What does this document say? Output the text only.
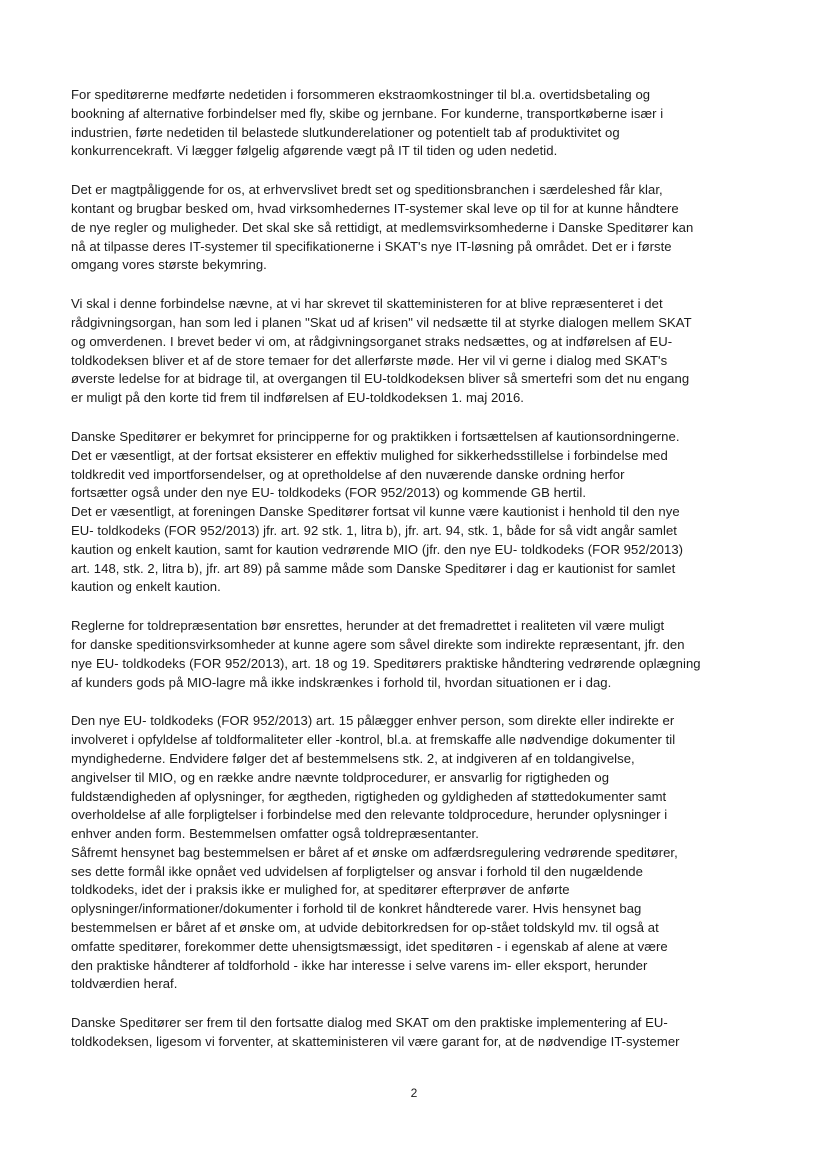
For speditørerne medførte nedetiden i forsommeren ekstraomkostninger til bl.a. overtidsbetaling og
bookning af alternative forbindelser med fly, skibe og jernbane. For kunderne, transportkøberne især i
industrien, førte nedetiden til belastede slutkunderelationer og potentielt tab af produktivitet og
konkurrencekraft. Vi lægger følgelig afgørende vægt på IT til tiden og uden nedetid.

Det er magtpåliggende for os, at erhvervslivet bredt set og speditionsbranchen i særdeleshed får klar,
kontant og brugbar besked om, hvad virksomhedernes IT-systemer skal leve op til for at kunne håndtere
de nye regler og muligheder. Det skal ske så rettidigt, at medlemsvirksomhederne i Danske Speditører kan
nå at tilpasse deres IT-systemer til specifikationerne i SKAT's nye IT-løsning på området. Det er i første
omgang vores største bekymring.

Vi skal i denne forbindelse nævne, at vi har skrevet til skatteministeren for at blive repræsenteret i det
rådgivningsorgan, han som led i planen "Skat ud af krisen" vil nedsætte til at styrke dialogen mellem SKAT
og omverdenen. I brevet beder vi om, at rådgivningsorganet straks nedsættes, og at indførelsen af EU-
toldkodeksen bliver et af de store temaer for det allerførste møde. Her vil vi gerne i dialog med SKAT's
øverste ledelse for at bidrage til, at overgangen til EU-toldkodeksen bliver så smertefri som det nu engang
er muligt på den korte tid frem til indførelsen af EU-toldkodeksen 1. maj 2016.

Danske Speditører er bekymret for principperne for og praktikken i fortsættelsen af kautionsordningerne.
Det er væsentligt, at der fortsat eksisterer en effektiv mulighed for sikkerhedsstillelse i forbindelse med
toldkredit ved importforsendelser, og at opretholdelse af den nuværende danske ordning herfor
fortsætter også under den nye EU- toldkodeks (FOR 952/2013) og kommende GB hertil.
Det er væsentligt, at foreningen Danske Speditører fortsat vil kunne være kautionist i henhold til den nye
EU- toldkodeks (FOR 952/2013) jfr. art. 92 stk. 1, litra b), jfr. art. 94, stk. 1, både for så vidt angår samlet
kaution og enkelt kaution, samt for kaution vedrørende MIO (jfr. den nye EU- toldkodeks (FOR 952/2013)
art. 148, stk. 2, litra b), jfr. art 89) på samme måde som Danske Speditører i dag er kautionist for samlet
kaution og enkelt kaution.

Reglerne for toldrepræsentation bør ensrettes, herunder at det fremadrettet i realiteten vil være muligt
for danske speditionsvirksomheder at kunne agere som såvel direkte som indirekte repræsentant, jfr. den
nye EU- toldkodeks (FOR 952/2013), art. 18 og 19. Speditørers praktiske håndtering vedrørende oplægning
af kunders gods på MIO-lagre må ikke indskrænkes i forhold til, hvordan situationen er i dag.

Den nye EU- toldkodeks (FOR 952/2013) art. 15 pålægger enhver person, som direkte eller indirekte er
involveret i opfyldelse af toldformaliteter eller -kontrol, bl.a. at fremskaffe alle nødvendige dokumenter til
myndighederne. Endvidere følger det af bestemmelsens stk. 2, at indgiveren af en toldangivelse,
angivelser til MIO, og en række andre nævnte toldprocedurer, er ansvarlig for rigtigheden og
fuldstændigheden af oplysninger, for ægtheden, rigtigheden og gyldigheden af støttedokumenter samt
overholdelse af alle forpligtelser i forbindelse med den relevante toldprocedure, herunder oplysninger i
enhver anden form. Bestemmelsen omfatter også toldrepræsentanter.
Såfremt hensynet bag bestemmelsen er båret af et ønske om adfærdsregulering vedrørende speditører,
ses dette formål ikke opnået ved udvidelsen af forpligtelser og ansvar i forhold til den nugældende
toldkodeks, idet der i praksis ikke er mulighed for, at speditører efterprøver de anførte
oplysninger/informationer/dokumenter i forhold til de konkret håndterede varer. Hvis hensynet bag
bestemmelsen er båret af et ønske om, at udvide debitorkredsen for op-stået toldskyld mv. til også at
omfatte speditører, forekommer dette uhensigtsmæssigt, idet speditøren - i egenskab af alene at være
den praktiske håndterer af toldforhold - ikke har interesse i selve varens im- eller eksport, herunder
toldværdien heraf.

Danske Speditører ser frem til den fortsatte dialog med SKAT om den praktiske implementering af EU-
toldkodeksen, ligesom vi forventer, at skatteministeren vil være garant for, at de nødvendige IT-systemer

2
